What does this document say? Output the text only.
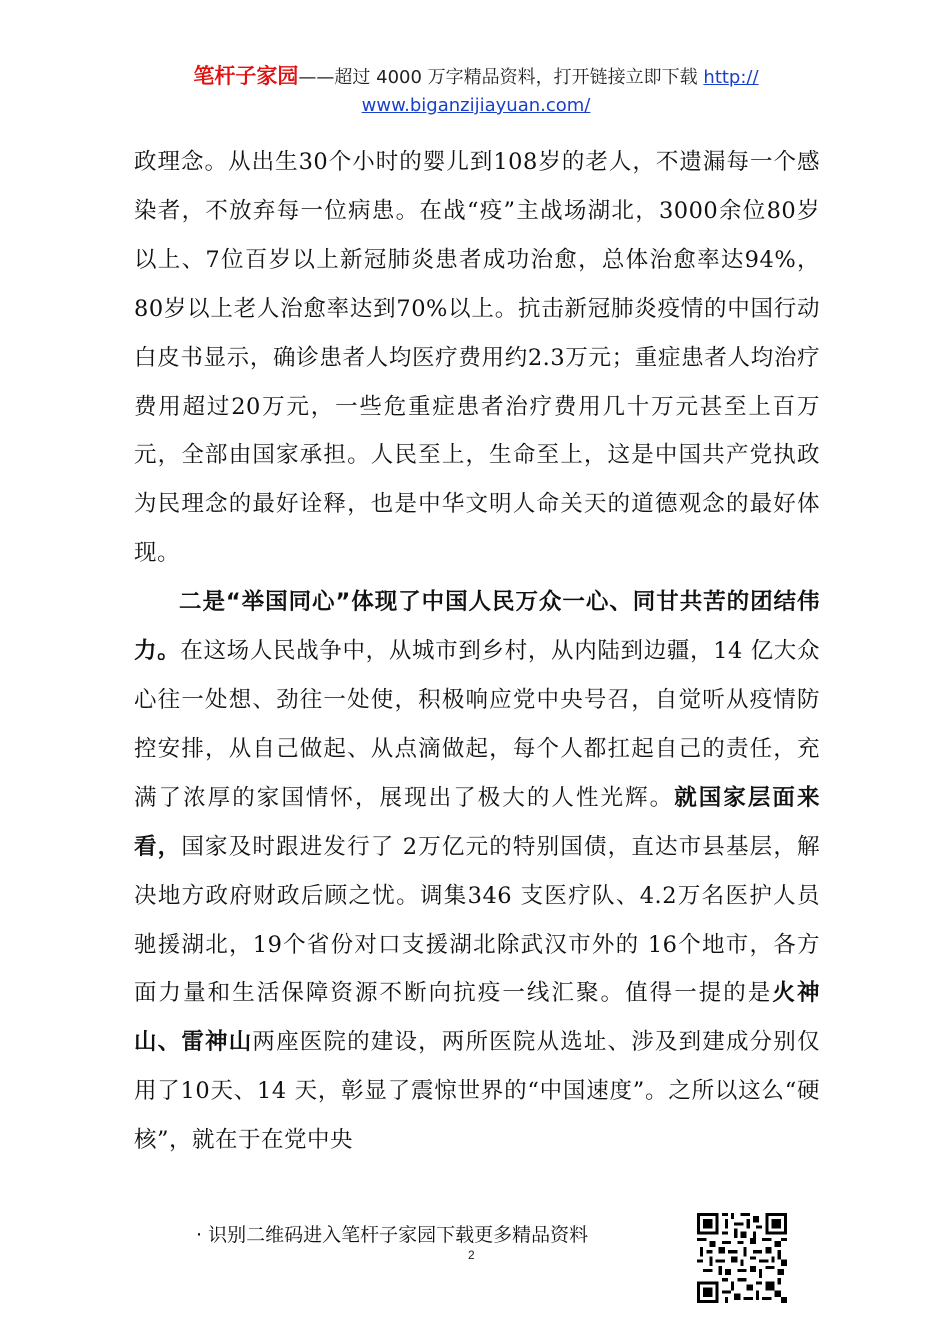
笔杆子家园——超过 4000 万字精品资料，打开链接立即下载 http://
www.biganzijiayuan.com/

政理念。从出生30个小时的婴儿到108岁的老人，不遗漏每一个感染者，不放弃每一位病患。在战“疫”主战场湖北，3000余位80岁以上、7位百岁以上新冠肺炎患者成功治愈，总体治愈率达94%，80岁以上老人治愈率达到70%以上。抗击新冠肺炎疫情的中国行动白皮书显示，确诊患者人均医疗费用约2.3万元；重症患者人均治疗费用超过20万元，一些危重症患者治疗费用几十万元甚至上百万元，全部由国家承担。人民至上，生命至上，这是中国共产党执政为民理念的最好诠释，也是中华文明人命关天的道德观念的最好体现。

二是“举国同心”体现了中国人民万众一心、同甘共苦的团结伟力。在这场人民战争中，从城市到乡村，从内陆到边疆，14 亿大众心往一处想、劲往一处使，积极响应党中央号召，自觉听从疫情防控安排，从自己做起、从点滴做起，每个人都扛起自己的责任，充满了浓厚的家国情怀，展现出了极大的人性光辉。就国家层面来看，国家及时跟进发行了 2万亿元的特别国债，直达市县基层，解决地方政府财政后顾之忧。调集346 支医疗队、4.2万名医护人员驰援湖北，19个省份对口支援湖北除武汉市外的 16个地市，各方面力量和生活保障资源不断向抗疫一线汇聚。值得一提的是火神山、雷神山两座医院的建设，两所医院从选址、涉及到建成分别仅用了10天、14 天，彰显了震惊世界的“中国速度”。之所以这么“硬核”，就在于在党中央

· 识别二维码进入笔杆子家园下载更多精品资料
2
